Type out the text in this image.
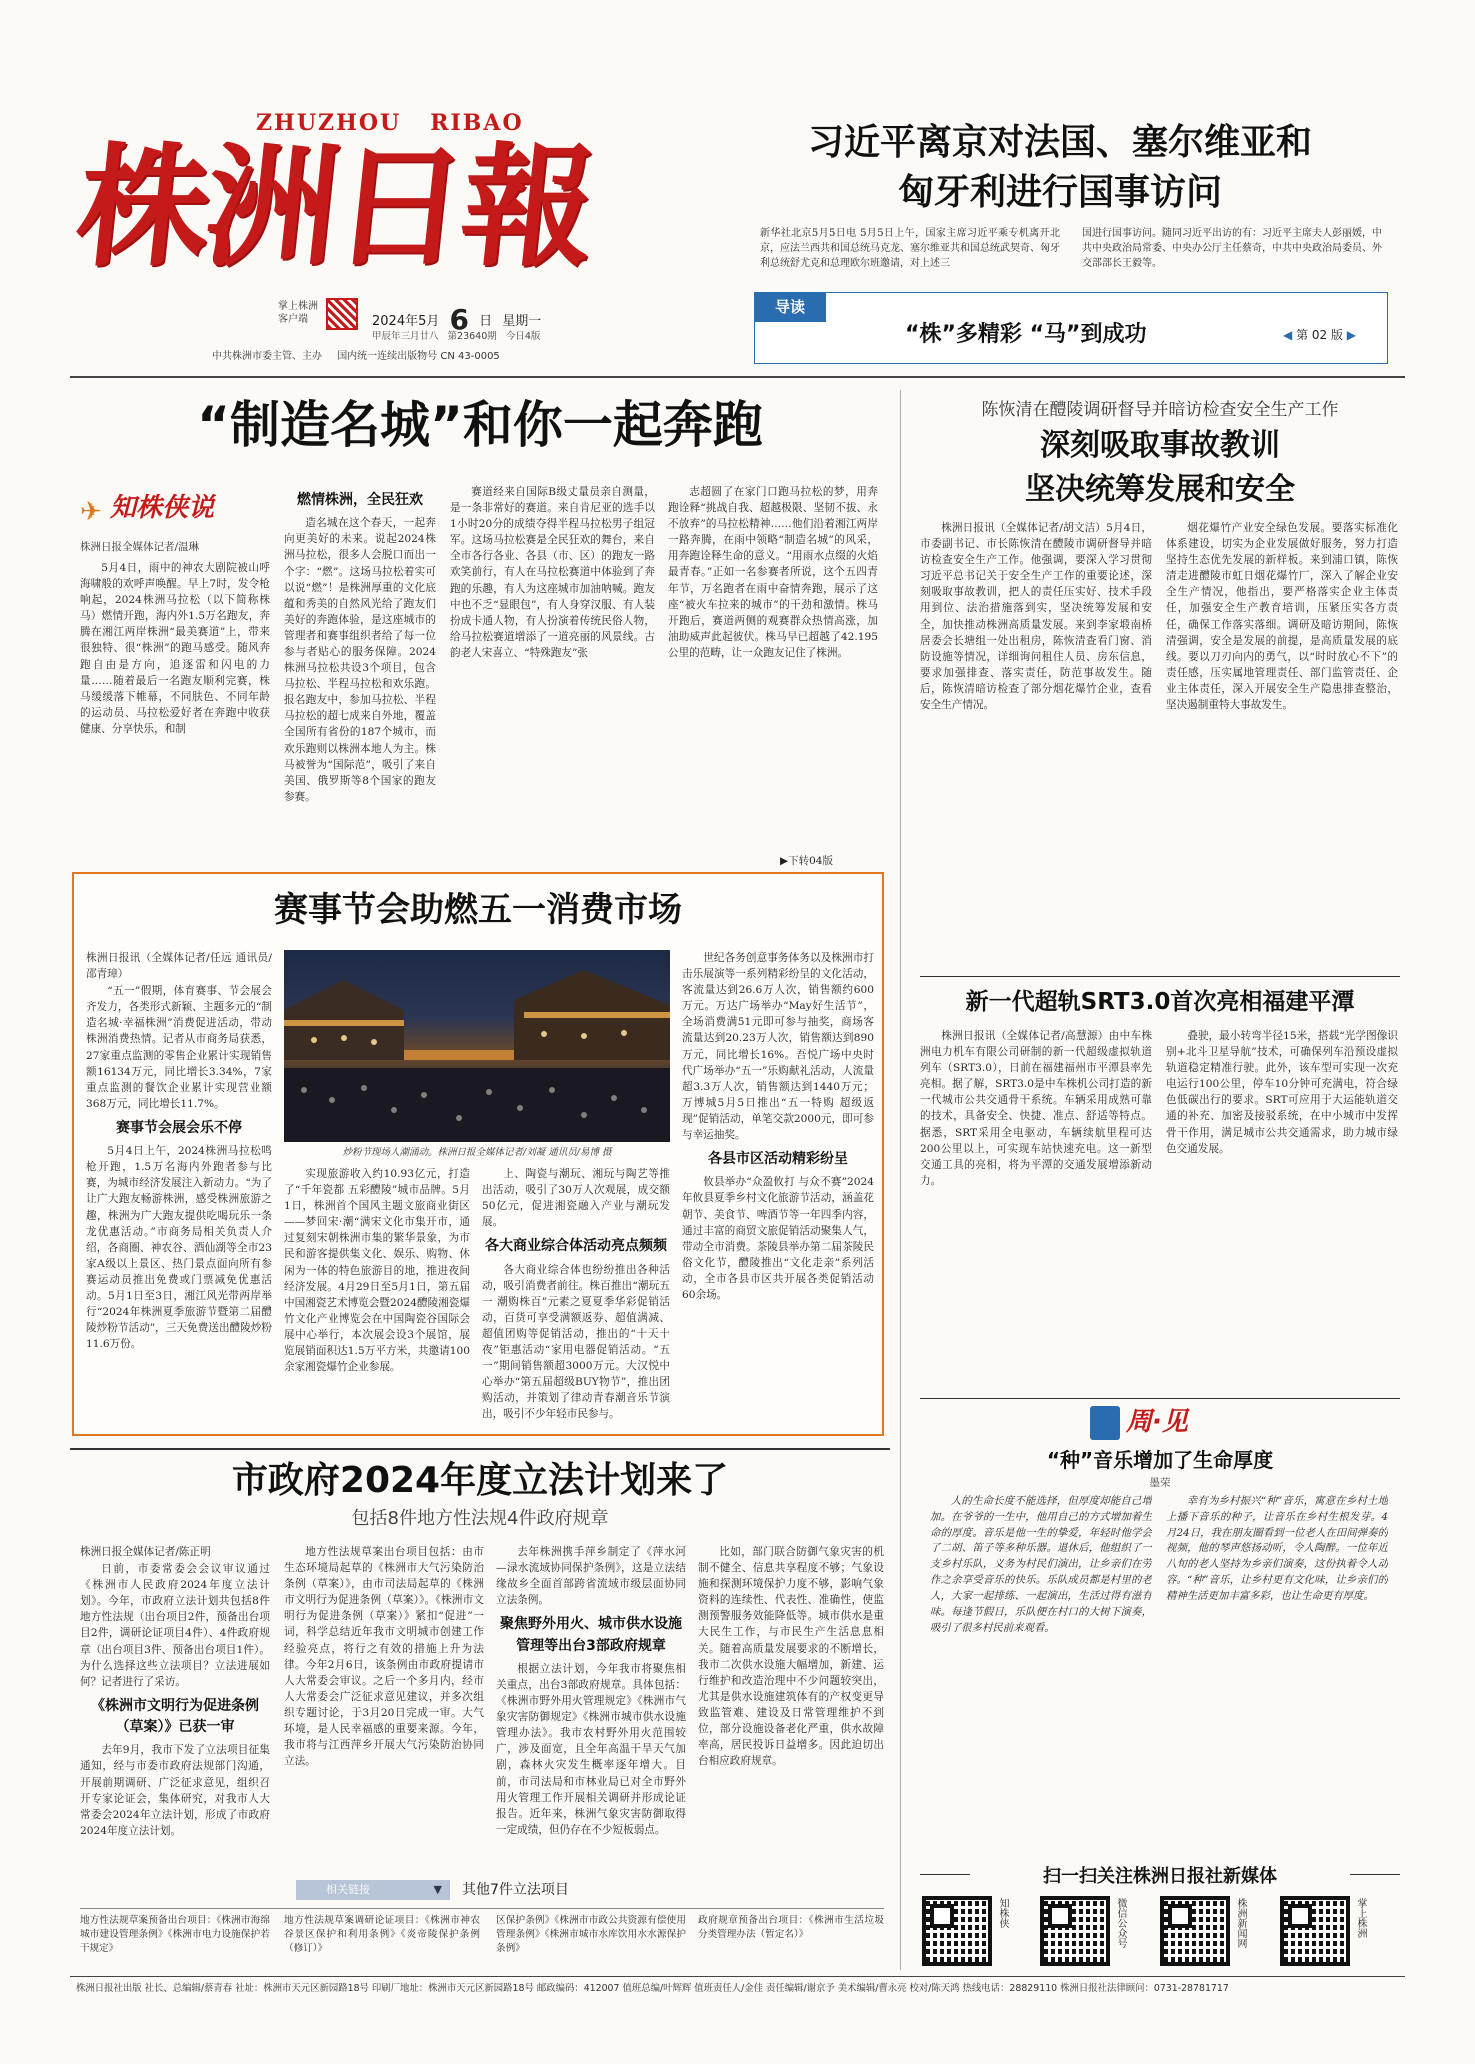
ZHUZHOU   RIBAO
株洲日報
掌上株洲 客户端	2024年5月 6 日 星期一
甲辰年三月廿八 第23640期 今日4版
中共株洲市委主管、主办 国内统一连续出版物号 CN 43-0005
习近平离京对法国、塞尔维亚和
匈牙利进行国事访问
新华社北京5月5日电 5月5日上午，国家主席习近平乘专机离开北京，应法兰西共和国总统马克龙、塞尔维亚共和国总统武契奇、匈牙利总统舒尤克和总理欧尔班邀请，对上述三
国进行国事访问。随同习近平出访的有：习近平主席夫人彭丽媛，中共中央政治局常委、中央办公厅主任蔡奇，中共中央政治局委员、外交部部长王毅等。
导读
“株”多精彩 “马”到成功	◀ 第 02 版 ▶
“制造名城”和你一起奔跑
✈ 知株侠说
株洲日报全媒体记者/温琳

5月4日，雨中的神农大剧院被山呼海啸般的欢呼声唤醒。早上7时，发令枪响起，2024株洲马拉松（以下简称株马）燃情开跑，海内外1.5万名跑友，奔腾在湘江两岸株洲“最美赛道”上，带来很独特、很“株洲”的跑马感受。随风奔跑自由是方向，追逐雷和闪电的力量……随着最后一名跑友顺利完赛，株马缓缓落下帷幕，不同肤色、不同年龄的运动员、马拉松爱好者在奔跑中收获健康、分享快乐，和制

燃情株洲，全民狂欢

造名城在这个春天，一起奔向更美好的未来。说起2024株洲马拉松，很多人会脱口而出一个字：“燃”。这场马拉松着实可以说“燃”！是株洲厚重的文化底蕴和秀美的自然风光给了跑友们美好的奔跑体验，是这座城市的管理者和赛事组织者给了每一位参与者贴心的服务保障。2024株洲马拉松共设3个项目，包含马拉松、半程马拉松和欢乐跑。报名跑友中，参加马拉松、半程马拉松的超七成来自外地，覆盖全国所有省份的187个城市，而欢乐跑则以株洲本地人为主。株马被誉为“国际范”，吸引了来自美国、俄罗斯等8个国家的跑友参赛。

赛道经来自国际B级丈量员亲自测量，是一条非常好的赛道。来自肯尼亚的选手以1小时20分的成绩夺得半程马拉松男子组冠军。这场马拉松赛是全民狂欢的舞台，来自全市各行各业、各县（市、区）的跑友一路欢笑前行，有人在马拉松赛道中体验到了奔跑的乐趣，有人为这座城市加油呐喊。跑友中也不乏“显眼包”，有人身穿汉服、有人装扮成卡通人物，有人扮演着传统民俗人物，给马拉松赛道增添了一道亮丽的风景线。古韵老人宋喜立、“特殊跑友”张

志超圆了在家门口跑马拉松的梦，用奔跑诠释“挑战自我、超越极限、坚韧不拔、永不放弃”的马拉松精神……他们沿着湘江两岸一路奔腾，在雨中领略“制造名城”的风采，用奔跑诠释生命的意义。“用雨水点缀的火焰最青春。”正如一名参赛者所说，这个五四青年节，万名跑者在雨中奋情奔跑，展示了这座“被火车拉来的城市”的干劲和激情。株马开跑后，赛道两侧的观赛群众热情高涨，加油助威声此起彼伏。株马早已超越了42.195公里的范畴，让一众跑友记住了株洲。

▶下转04版
赛事节会助燃五一消费市场

株洲日报讯（全媒体记者/任远 通讯员/邵青璋）

“五一”假期，体育赛事、节会展会齐发力，各类形式新颖、主题多元的“制造名城·幸福株洲”消费促进活动，带动株洲消费热情。记者从市商务局获悉，27家重点监测的零售企业累计实现销售额16134万元，同比增长3.34%，7家重点监测的餐饮企业累计实现营业额368万元，同比增长11.7%。

赛事节会展会乐不停

5月4日上午，2024株洲马拉松鸣枪开跑，1.5万名海内外跑者参与比赛，为城市经济发展注入新动力。“为了让广大跑友畅游株洲，感受株洲旅游之趣，株洲为广大跑友提供吃喝玩乐一条龙优惠活动。”市商务局相关负责人介绍，各商圈、神农谷、酒仙湖等全市23家A级以上景区、热门景点面向所有参赛运动员推出免费或门票减免优惠活动。5月1日至3日，湘江风光带两岸举行“2024年株洲夏季旅游节暨第二届醴陵炒粉节活动”，三天免费送出醴陵炒粉11.6万份。

炒粉节现场人潮涌动。株洲日报全媒体记者/刘凝 通讯员/易博 摄

实现旅游收入约10.93亿元，打造了“千年瓷都 五彩醴陵”城市品牌。5月1日，株洲首个国风主题文旅商业街区——梦回宋·潮“满宋文化市集开市，通过复刻宋朝株洲市集的繁华景象，为市民和游客提供集文化、娱乐、购物、休闲为一体的特色旅游目的地，推进夜间经济发展。4月29日至5月1日，第五届中国湘瓷艺术博览会暨2024醴陵湘瓷爆竹文化产业博览会在中国陶瓷谷国际会展中心举行，本次展会设3个展馆，展览展销面积达1.5万平方米，共邀请100余家湘瓷爆竹企业参展。

上、陶瓷与潮玩、湘玩与陶艺等推出活动，吸引了30万人次观展，成交额50亿元，促进湘瓷融入产业与潮玩发展。

各大商业综合体活动亮点频频

各大商业综合体也纷纷推出各种活动，吸引消费者前往。株百推出“潮玩五一 潮购株百”元素之夏夏季华彩促销活动，百货可享受满额返券、超值满减、超值团购等促销活动，推出的“十天十夜”钜惠活动“家用电器促销活动。“五一”期间销售额超3000万元。大汉悦中心举办“第五届超级BUY物节”，推出团购活动，并策划了律动青春潮音乐节演出，吸引不少年轻市民参与。

世纪各务创意事务体务以及株洲市打击乐展演等一系列精彩纷呈的文化活动，客流量达到26.6万人次，销售额约600万元。万达广场举办“May好生活节”，全场消费满51元即可参与抽奖，商场客流量达到20.23万人次，销售额达到890万元，同比增长16%。吾悦广场中央时代广场举办“五一”乐购献礼活动，人流量超3.3万人次，销售额达到1440万元；万博城5月5日推出“五一特购 超级返现”促销活动，单笔交款2000元，即可参与幸运抽奖。

各县市区活动精彩纷呈

攸县举办“众盈攸打 与众不赛”2024年攸县夏季乡村文化旅游节活动，涵盖花朝节、美食节、啤酒节等一年四季内容，通过丰富的商贸文旅促销活动聚集人气，带动全市消费。茶陵县举办第二届茶陵民俗文化节，醴陵推出“文化走亲”系列活动，全市各县市区共开展各类促销活动60余场。

市政府2024年度立法计划来了
包括8件地方性法规4件政府规章

株洲日报全媒体记者/陈正明

日前，市委常委会会议审议通过《株洲市人民政府2024年度立法计划》。今年，市政府立法计划共包括8件地方性法规（出台项目2件，预备出台项目2件，调研论证项目4件）、4件政府规章（出台项目3件、预备出台项目1件）。为什么选择这些立法项目？立法进展如何？记者进行了采访。

《株洲市文明行为促进条例（草案）》已获一审

去年9月，我市下发了立法项目征集通知，经与市委市政府法规部门沟通，开展前期调研、广泛征求意见，组织召开专家论证会，集体研究，对我市人大常委会2024年立法计划，形成了市政府2024年度立法计划。

地方性法规草案出台项目包括：由市生态环境局起草的《株洲市大气污染防治条例（草案）》，由市司法局起草的《株洲市文明行为促进条例（草案）》。《株洲市文明行为促进条例（草案）》紧扣“促进”一词，科学总结近年我市文明城市创建工作经验亮点，将行之有效的措施上升为法律。今年2月6日，该条例由市政府提请市人大常委会审议。之后一个多月内，经市人大常委会广泛征求意见建议，并多次组织专题讨论，于3月20日完成一审。大气环境，是人民幸福感的重要来源。今年，我市将与江西萍乡开展大气污染防治协同立法。

去年株洲携手萍乡制定了《萍水河—渌水流域协同保护条例》，这是立法结缘故乡全面首部跨省流域市级层面协同立法条例。

聚焦野外用火、城市供水设施管理等出台3部政府规章

根据立法计划，今年我市将聚焦相关重点，出台3部政府规章。具体包括：《株洲市野外用火管理规定》《株洲市气象灾害防御规定》《株洲市城市供水设施管理办法》。我市农村野外用火范围较广，涉及面宽，且全年高温干旱天气加剧，森林火灾发生概率逐年增大。目前，市司法局和市林业局已对全市野外用火管理工作开展相关调研并形成论证报告。近年来，株洲气象灾害防御取得一定成绩，但仍存在不少短板弱点。

比如，部门联合防御气象灾害的机制不健全、信息共享程度不够；气象设施和探测环境保护力度不够，影响气象资料的连续性、代表性、准确性，使监测预警服务效能降低等。城市供水是重大民生工作，与市民生产生活息息相关。随着高质量发展要求的不断增长，我市二次供水设施大幅增加，新建、运行维护和改造治理中不少问题较突出，尤其是供水设施建筑体有的产权变更导致监管难、建设及日常管理维护不到位，部分设施设备老化严重，供水故障率高，居民投诉日益增多。因此迫切出台相应政府规章。

相关链接	▼ 其他7件立法项目
地方性法规草案预备出台项目：《株洲市海绵城市建设管理条例》《株洲市电力设施保护若干规定》
地方性法规草案调研论证项目：《株洲市神农谷景区保护和利用条例》《炎帝陵保护条例（修订）》
区保护条例》《株洲市市政公共资源有偿使用管理条例》《株洲市城市水库饮用水水源保护条例》
政府规章预备出台项目：《株洲市生活垃圾分类管理办法（暂定名）》
陈恢清在醴陵调研督导并暗访检查安全生产工作
深刻吸取事故教训
坚决统筹发展和安全

株洲日报讯（全媒体记者/胡文洁）5月4日，市委副书记、市长陈恢清在醴陵市调研督导并暗访检查安全生产工作。他强调，要深入学习贯彻习近平总书记关于安全生产工作的重要论述，深刻吸取事故教训，把人的责任压实好、技术手段用到位、法治措施落到实，坚决统筹发展和安全，加快推动株洲高质量发展。来到李家塅南桥居委会长塘组一处出租房，陈恢清查看门窗、消防设施等情况，详细询问租住人员、房东信息，要求加强排查、落实责任，防范事故发生。随后，陈恢清暗访检查了部分烟花爆竹企业，查看安全生产情况。

烟花爆竹产业安全绿色发展。要落实标准化体系建设，切实为企业发展做好服务，努力打造坚持生态优先发展的新样板。来到浦口镇，陈恢清走进醴陵市虹日烟花爆竹厂，深入了解企业安全生产情况，他指出，要严格落实企业主体责任，加强安全生产教育培训，压紧压实各方责任，确保工作落实落细。调研及暗访期间，陈恢清强调，安全是发展的前提，是高质量发展的底线。要以刀刃向内的勇气，以“时时放心不下”的责任感，压实属地管理责任、部门监管责任、企业主体责任，深入开展安全生产隐患排查整治，坚决遏制重特大事故发生。

新一代超轨SRT3.0首次亮相福建平潭

株洲日报讯（全媒体记者/高慧源）由中车株洲电力机车有限公司研制的新一代超级虚拟轨道列车（SRT3.0），日前在福建福州市平潭县率先亮相。据了解，SRT3.0是中车株机公司打造的新一代城市公共交通骨干系统。车辆采用成熟可靠的技术，具备安全、快捷、准点、舒适等特点。据悉，SRT采用全电驱动，车辆续航里程可达200公里以上，可实现车站快速充电。这一新型交通工具的亮相，将为平潭的交通发展增添新动力。

叠驶，最小转弯半径15米，搭载“光学图像识别+北斗卫星导航”技术，可确保列车沿预设虚拟轨道稳定精准行驶。此外，该车型可实现一次充电运行100公里，停车10分钟可充满电，符合绿色低碳出行的要求。SRT可应用于大运能轨道交通的补充、加密及接驳系统，在中小城市中发挥骨干作用，满足城市公共交通需求，助力城市绿色交通发展。

周·见
“种”音乐增加了生命厚度
墨荣

人的生命长度不能选择，但厚度却能自己增加。在爷爷的一生中，他用自己的方式增加着生命的厚度。音乐是他一生的挚爱，年轻时他学会了二胡、笛子等多种乐器。退休后，他组织了一支乡村乐队，义务为村民们演出，让乡亲们在劳作之余享受音乐的快乐。乐队成员都是村里的老人，大家一起排练、一起演出，生活过得有滋有味。每逢节假日，乐队便在村口的大树下演奏，吸引了很多村民前来观看。

幸有为乡村振兴“种”音乐，寓意在乡村土地上播下音乐的种子，让音乐在乡村生根发芽。4月24日，我在朋友圈看到一位老人在田间弹奏的视频，他的琴声悠扬动听，令人陶醉。一位年近八旬的老人坚持为乡亲们演奏，这份执着令人动容。“种”音乐，让乡村更有文化味，让乡亲们的精神生活更加丰富多彩，也让生命更有厚度。

扫一扫关注株洲日报社新媒体
知株侠	微信公众号	株洲新闻网	掌上株洲
株洲日报社出版 社长、总编辑/蔡青春 社址：株洲市天元区新园路18号 印刷厂地址：株洲市天元区新园路18号 邮政编码：412007 值班总编/叶辉辉 值班责任人/金佳 责任编辑/谢京予 美术编辑/曹永亮 校对/陈天鸿 热线电话：28829110 株洲日报社法律顾问：0731-28781717
